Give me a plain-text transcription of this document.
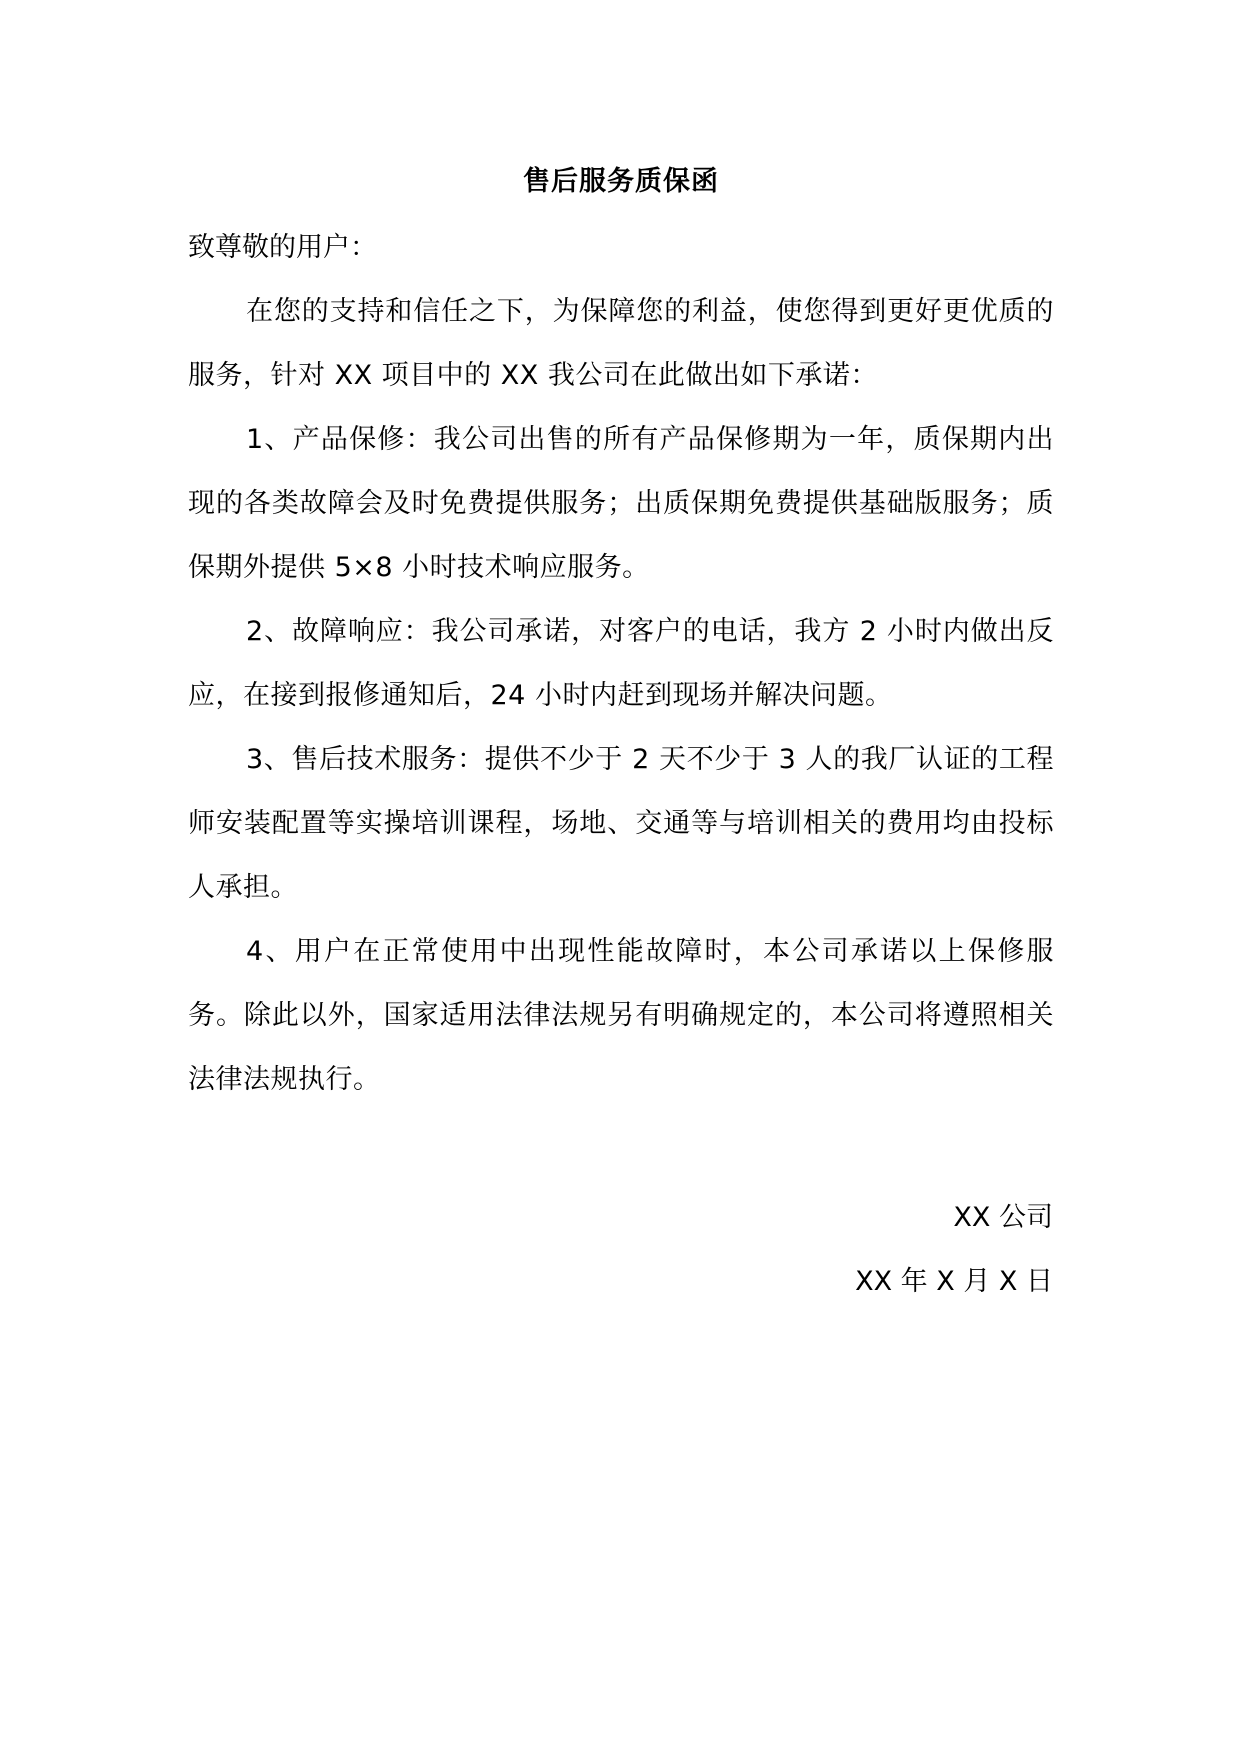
售后服务质保函
致尊敬的用户：

在您的支持和信任之下，为保障您的利益，使您得到更好更优质的服务，针对 XX 项目中的 XX 我公司在此做出如下承诺：

1、产品保修：我公司出售的所有产品保修期为一年，质保期内出现的各类故障会及时免费提供服务；出质保期免费提供基础版服务；质保期外提供 5×8 小时技术响应服务。

2、故障响应：我公司承诺，对客户的电话，我方 2 小时内做出反应，在接到报修通知后，24 小时内赶到现场并解决问题。

3、售后技术服务：提供不少于 2 天不少于 3 人的我厂认证的工程师安装配置等实操培训课程，场地、交通等与培训相关的费用均由投标人承担。

4、用户在正常使用中出现性能故障时，本公司承诺以上保修服务。除此以外，国家适用法律法规另有明确规定的，本公司将遵照相关法律法规执行。

XX 公司
XX 年 X 月 X 日
